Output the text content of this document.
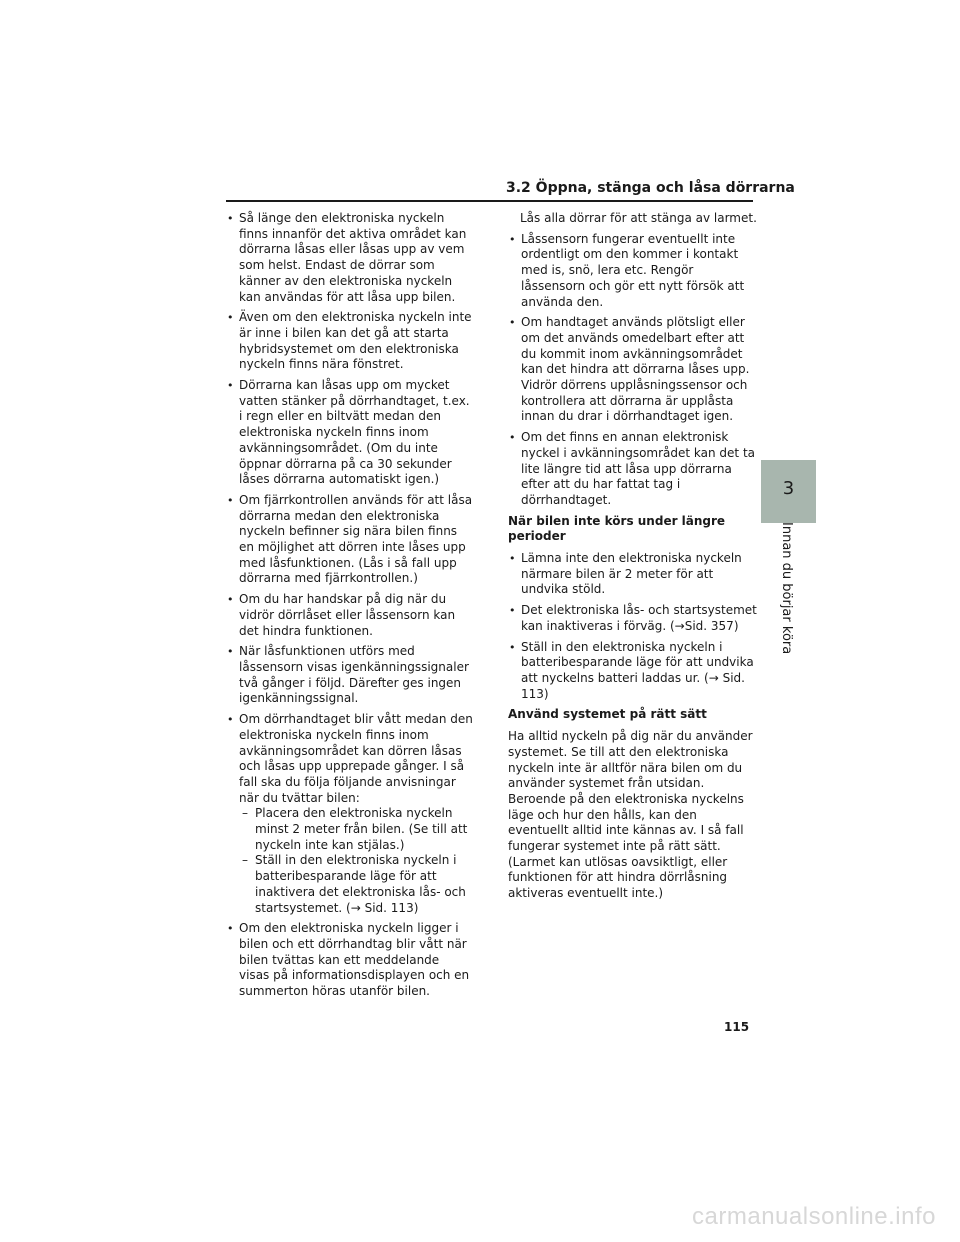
3.2 Öppna, stänga och låsa dörrarna
• Så länge den elektroniska nyckeln finns innanför det aktiva området kan dörrarna låsas eller låsas upp av vem som helst. Endast de dörrar som känner av den elektroniska nyckeln kan användas för att låsa upp bilen.
• Även om den elektroniska nyckeln inte är inne i bilen kan det gå att starta hybridsystemet om den elektroniska nyckeln finns nära fönstret.
• Dörrarna kan låsas upp om mycket vatten stänker på dörrhandtaget, t.ex. i regn eller en biltvätt medan den elektroniska nyckeln finns inom avkänningsområdet. (Om du inte öppnar dörrarna på ca 30 sekunder låses dörrarna automatiskt igen.)
• Om fjärrkontrollen används för att låsa dörrarna medan den elektroniska nyckeln befinner sig nära bilen finns en möjlighet att dörren inte låses upp med låsfunktionen. (Lås i så fall upp dörrarna med fjärrkontrollen.)
• Om du har handskar på dig när du vidrör dörrlåset eller låssensorn kan det hindra funktionen.
• När låsfunktionen utförs med låssensorn visas igenkänningssignaler två gånger i följd. Därefter ges ingen igenkänningssignal.
• Om dörrhandtaget blir vått medan den elektroniska nyckeln finns inom avkänningsområdet kan dörren låsas och låsas upp upprepade gånger. I så fall ska du följa följande anvisningar när du tvättar bilen:
– Placera den elektroniska nyckeln minst 2 meter från bilen. (Se till att nyckeln inte kan stjälas.)
– Ställ in den elektroniska nyckeln i batteribesparande läge för att inaktivera det elektroniska lås- och startsystemet. (→ Sid. 113)
• Om den elektroniska nyckeln ligger i bilen och ett dörrhandtag blir vått när bilen tvättas kan ett meddelande visas på informationsdisplayen och en summerton höras utanför bilen.
Lås alla dörrar för att stänga av larmet.
• Låssensorn fungerar eventuellt inte ordentligt om den kommer i kontakt med is, snö, lera etc. Rengör låssensorn och gör ett nytt försök att använda den.
• Om handtaget används plötsligt eller om det används omedelbart efter att du kommit inom avkänningsområdet kan det hindra att dörrarna låses upp. Vidrör dörrens upplåsningssensor och kontrollera att dörrarna är upplåsta innan du drar i dörrhandtaget igen.
• Om det finns en annan elektronisk nyckel i avkänningsområdet kan det ta lite längre tid att låsa upp dörrarna efter att du har fattat tag i dörrhandtaget.
När bilen inte körs under längre perioder
• Lämna inte den elektroniska nyckeln närmare bilen är 2 meter för att undvika stöld.
• Det elektroniska lås- och startsystemet kan inaktiveras i förväg. (→Sid. 357)
• Ställ in den elektroniska nyckeln i batteribesparande läge för att undvika att nyckelns batteri laddas ur. (→ Sid. 113)
Använd systemet på rätt sätt
Ha alltid nyckeln på dig när du använder systemet. Se till att den elektroniska nyckeln inte är alltför nära bilen om du använder systemet från utsidan. Beroende på den elektroniska nyckelns läge och hur den hålls, kan den eventuellt alltid inte kännas av. I så fall fungerar systemet inte på rätt sätt. (Larmet kan utlösas oavsiktligt, eller funktionen för att hindra dörrlåsning aktiveras eventuellt inte.)
3
Innan du börjar köra
115
carmanualsonline.info
